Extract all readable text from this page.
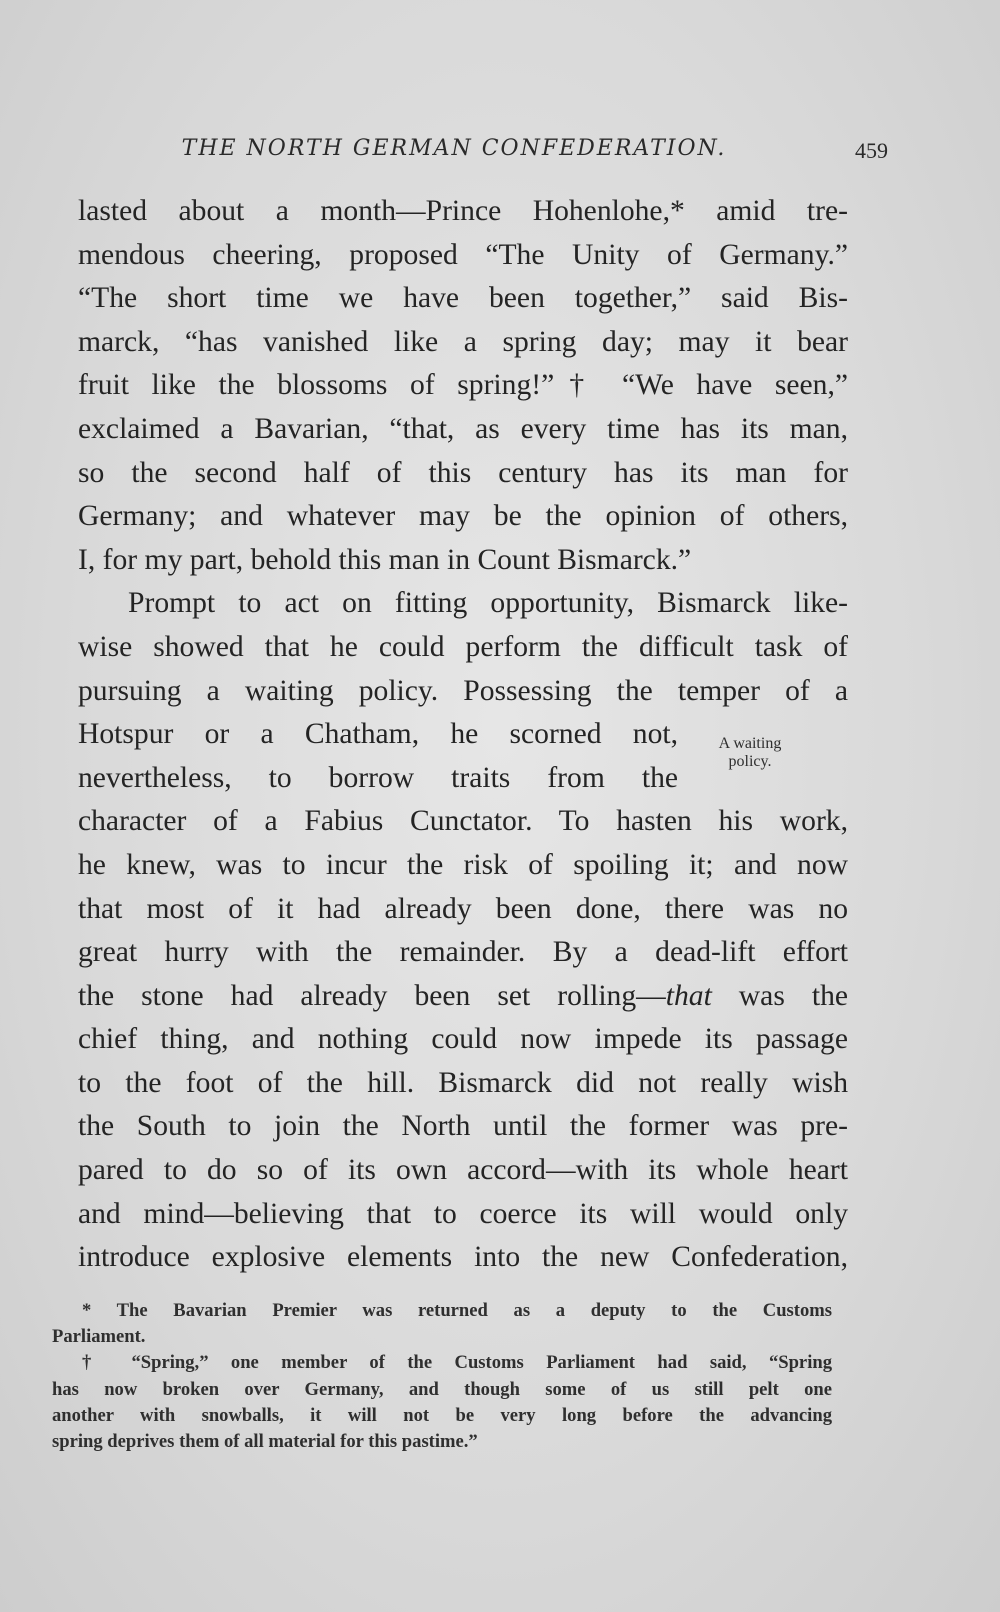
THE NORTH GERMAN CONFEDERATION.	459
lasted about a month—Prince Hohenlohe,* amid tre-
mendous cheering, proposed “The Unity of Germany.”
“The short time we have been together,” said Bis-
marck, “has vanished like a spring day; may it bear
fruit like the blossoms of spring!”† “We have seen,”
exclaimed a Bavarian, “that, as every time has its man,
so the second half of this century has its man for
Germany; and whatever may be the opinion of others,
I, for my part, behold this man in Count Bismarck.”
Prompt to act on fitting opportunity, Bismarck like-
wise showed that he could perform the difficult task of
pursuing a waiting policy. Possessing the temper of a
Hotspur or a Chatham, he scorned not,
nevertheless, to borrow traits from the
character of a Fabius Cunctator. To hasten his work,
he knew, was to incur the risk of spoiling it; and now
that most of it had already been done, there was no
great hurry with the remainder. By a dead-lift effort
the stone had already been set rolling—that was the
chief thing, and nothing could now impede its passage
to the foot of the hill. Bismarck did not really wish
the South to join the North until the former was pre-
pared to do so of its own accord—with its whole heart
and mind—believing that to coerce its will would only
introduce explosive elements into the new Confederation,
A waiting
policy.
* The Bavarian Premier was returned as a deputy to the Customs
Parliament.
† “Spring,” one member of the Customs Parliament had said, “Spring
has now broken over Germany, and though some of us still pelt one
another with snowballs, it will not be very long before the advancing
spring deprives them of all material for this pastime.”
